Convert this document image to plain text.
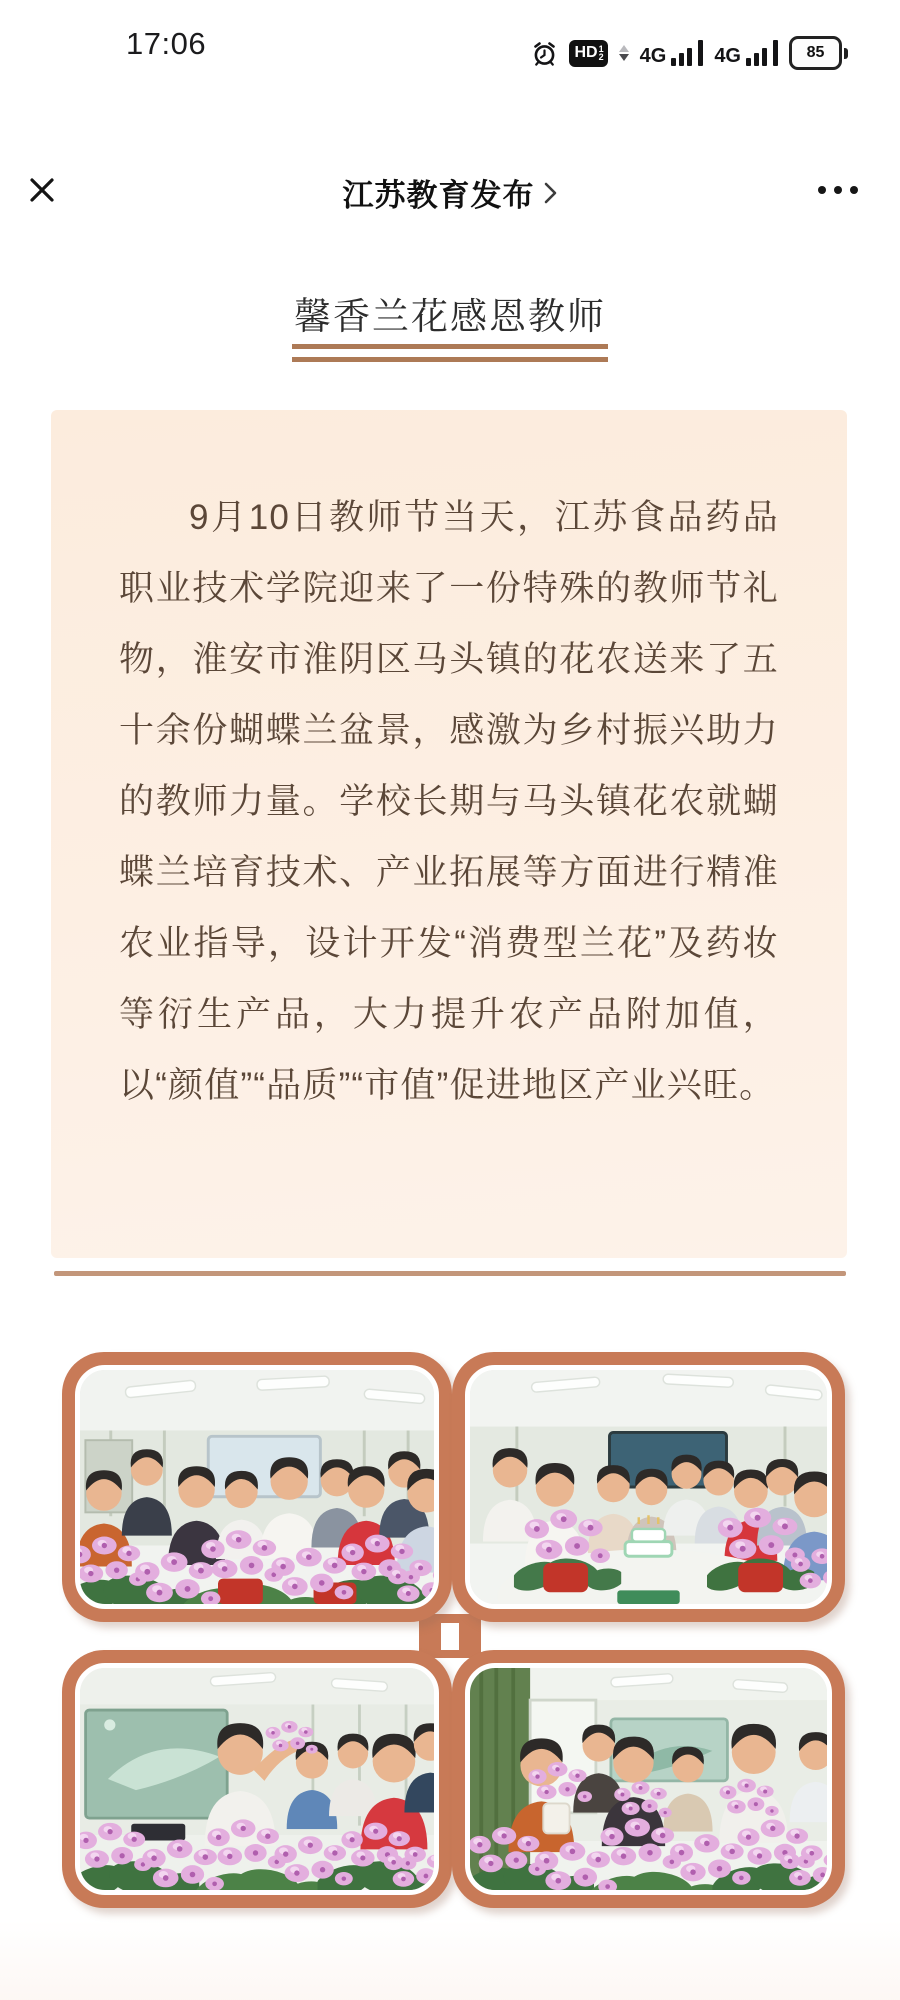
17:06	HD 1
2 4G 4G	85
江苏教育发布
馨香兰花感恩教师

9月10日教师节当天，江苏食品药品职业技术学院迎来了一份特殊的教师节礼物，淮安市淮阴区马头镇的花农送来了五十余份蝴蝶兰盆景，感激为乡村振兴助力的教师力量。学校长期与马头镇花农就蝴蝶兰培育技术、产业拓展等方面进行精准农业指导，设计开发“消费型兰花”及药妆等衍生产品，大力提升农产品附加值，以“颜值”“品质”“市值”促进地区产业兴旺。
